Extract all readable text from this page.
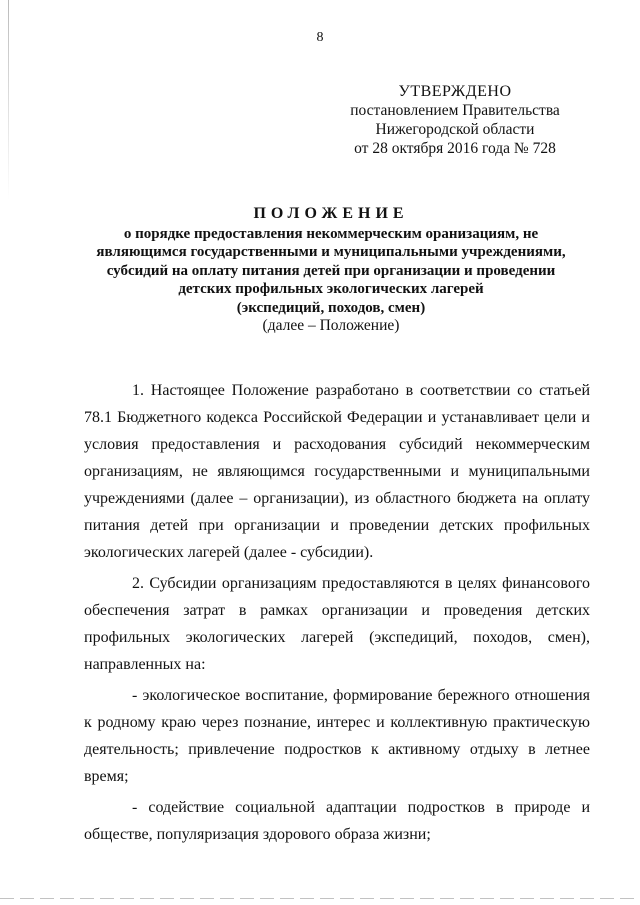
8
УТВЕРЖДЕНО
постановлением Правительства
Нижегородской области
от 28 октября 2016 года № 728
ПОЛОЖЕНИЕ
о порядке предоставления некоммерческим оранизациям, не
являющимся государственными и муниципальными учреждениями,
субсидий на оплату питания детей при организации и проведении
детских профильных экологических лагерей
(экспедиций, походов, смен)
(далее – Положение)

1. Настоящее Положение разработано в соответствии со статьей 78.1 Бюджетного кодекса Российской Федерации и устанавливает цели и условия предоставления и расходования субсидий некоммерческим организациям, не являющимся государственными и муниципальными учреждениями (далее – организации), из областного бюджета на оплату питания детей при организации и проведении детских профильных экологических лагерей (далее - субсидии).

2. Субсидии организациям предоставляются в целях финансового обеспечения затрат в рамках организации и проведения детских профильных экологических лагерей (экспедиций, походов, смен), направленных на:

- экологическое воспитание, формирование бережного отношения к родному краю через познание, интерес и коллективную практическую деятельность; привлечение подростков к активному отдыху в летнее время;

- содействие социальной адаптации подростков в природе и обществе, популяризация здорового образа жизни;
